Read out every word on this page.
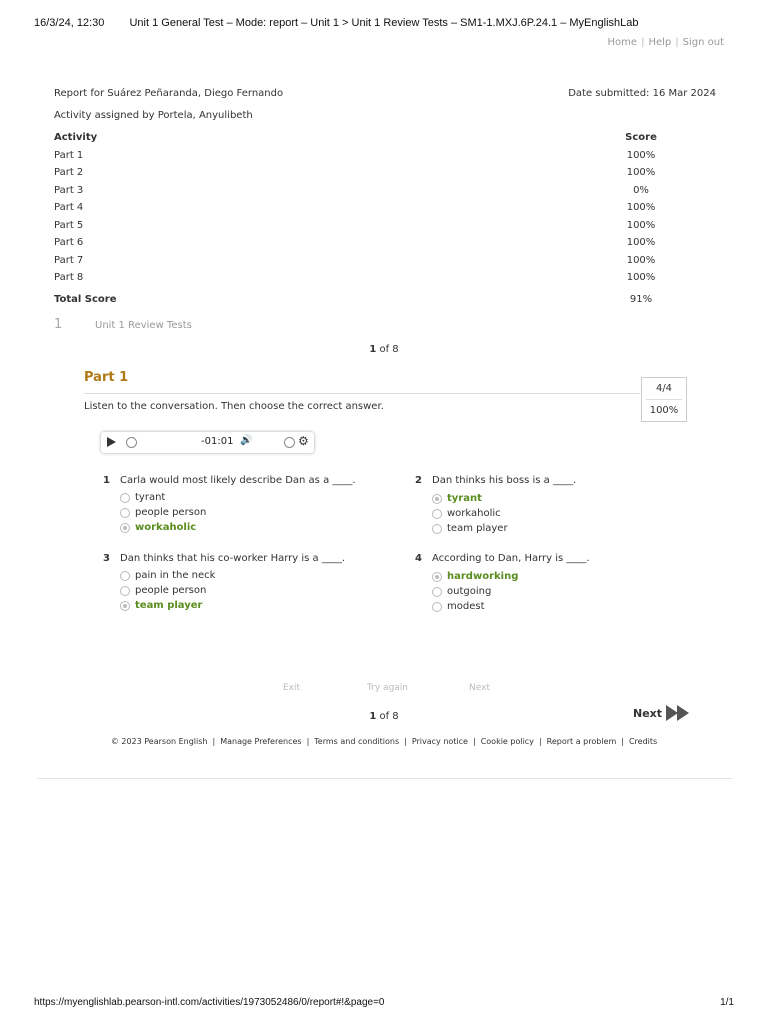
16/3/24, 12:30	Unit 1 General Test – Mode: report – Unit 1 > Unit 1 Review Tests – SM1-1.MXJ.6P.24.1 – MyEnglishLab
Home | Help | Sign out
Report for Suárez Peñaranda, Diego Fernando	Date submitted: 16 Mar 2024
Activity assigned by Portela, Anyulibeth
Activity	Score
Part 1	100%
Part 2	100%
Part 3	0%
Part 4	100%
Part 5	100%
Part 6	100%
Part 7	100%
Part 8	100%
Total Score	91%
1	Unit 1 Review Tests
1 of 8
Part 1
Listen to the conversation. Then choose the correct answer.
4/4
100%
-01:01 🔊	⚙
1 Carla would most likely describe Dan as a ____.
tyrant
people person
workaholic
2 Dan thinks his boss is a ____.
tyrant
workaholic
team player
3 Dan thinks that his co-worker Harry is a ____.
pain in the neck
people person
team player
4 According to Dan, Harry is ____.
hardworking
outgoing
modest
Exit	Try again	Next
1 of 8	Next
© 2023 Pearson English | Manage Preferences | Terms and conditions | Privacy notice | Cookie policy | Report a problem | Credits
https://myenglishlab.pearson-intl.com/activities/1973052486/0/report#!&page=0	1/1
